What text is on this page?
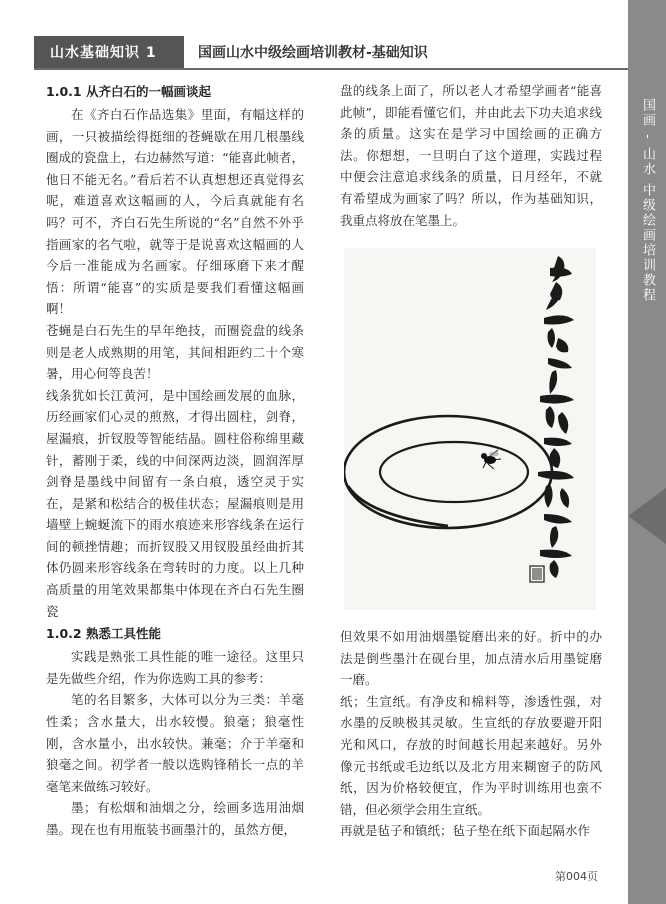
山水基础知识 1	国画山水中级绘画培训教材-基础知识
国画 - 山水 中级绘画培训教程
1.0.1 从齐白石的一幅画谈起

在《齐白石作品选集》里面，有幅这样的画，一只被描绘得挺细的苍蝇歇在用几根墨线圈成的瓷盘上，右边赫然写道：“能喜此帧者，他日不能无名。”看后若不认真想想还真觉得玄呢，难道喜欢这幅画的人，今后真就能有名吗？可不，齐白石先生所说的“名”自然不外乎指画家的名气啦，就等于是说喜欢这幅画的人今后一准能成为名画家。仔细琢磨下来才醒悟：所谓“能喜”的实质是要我们看懂这幅画啊！

苍蝇是白石先生的早年绝技，而圈瓷盘的线条则是老人成熟期的用笔，其间相距约二十个寒暑，用心何等良苦！

线条犹如长江黄河，是中国绘画发展的血脉，历经画家们心灵的煎熬，才得出圆柱，剑脊，屋漏痕，折钗股等智能结晶。圆柱俗称绵里藏针，蓄刚于柔，线的中间深两边淡，圆润浑厚剑脊是墨线中间留有一条白痕，透空灵于实在，是紧和松结合的极佳状态；屋漏痕则是用墙壁上蜿蜒流下的雨水痕迹来形容线条在运行间的顿挫情趣；而折钗股又用钗股虽经曲折其体仍圆来形容线条在弯转时的力度。以上几种高质量的用笔效果都集中体现在齐白石先生圈瓷

1.0.2 熟悉工具性能

实践是熟张工具性能的唯一途径。这里只是先做些介绍，作为你选购工具的参考：

笔的名目繁多，大体可以分为三类：羊毫性柔；含水量大，出水较慢。狼毫；狼毫性刚，含水量小，出水较快。兼毫；介于羊毫和狼毫之间。初学者一般以选购锋稍长一点的羊毫笔来做练习较好。

墨；有松烟和油烟之分，绘画多选用油烟墨。现在也有用瓶装书画墨汁的，虽然方便，

盘的线条上面了，所以老人才希望学画者“能喜此帧”，即能看懂它们，并由此去下功夫追求线条的质量。这实在是学习中国绘画的正确方法。你想想，一旦明白了这个道理，实践过程中便会注意追求线条的质量，日月经年，不就有希望成为画家了吗？所以，作为基础知识，我重点将放在笔墨上。

但效果不如用油烟墨锭磨出来的好。折中的办法是倒些墨汁在砚台里，加点清水后用墨锭磨一磨。

纸；生宣纸。有净皮和棉料等，渗透性强，对水墨的反映极其灵敏。生宣纸的存放要避开阳光和风口，存放的时间越长用起来越好。另外像元书纸或毛边纸以及北方用来糊窗子的防风纸，因为价格较便宜，作为平时训练用也蛮不错，但必须学会用生宣纸。

再就是毡子和镇纸；毡子垫在纸下面起隔水作

第004页
